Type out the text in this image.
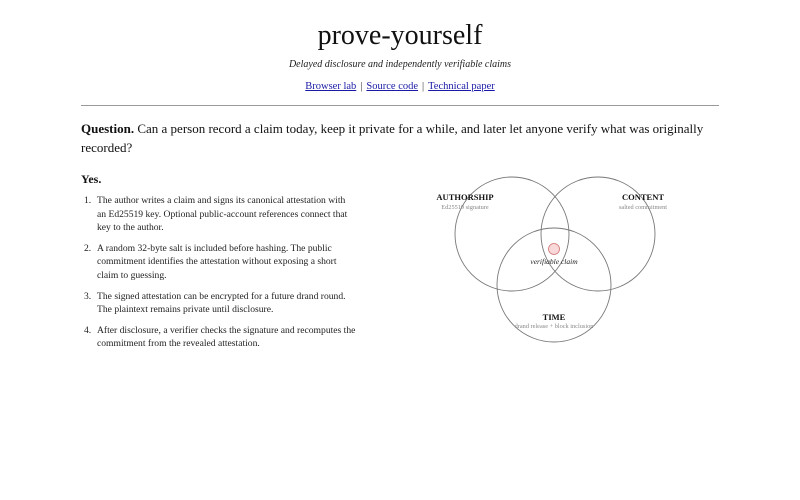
prove-yourself
Delayed disclosure and independently verifiable claims
Browser lab | Source code | Technical paper
Question. Can a person record a claim today, keep it private for a while, and later let anyone verify what was originally recorded?
Yes.
1. The author writes a claim and signs its canonical attestation with an Ed25519 key. Optional public-account references connect that key to the author.
2. A random 32-byte salt is included before hashing. The public commitment identifies the attestation without exposing a short claim to guessing.
3. The signed attestation can be encrypted for a future drand round. The plaintext remains private until disclosure.
4. After disclosure, a verifier checks the signature and recomputes the commitment from the revealed attestation.
AUTHORSHIP
Ed25519 signature
CONTENT
salted commitment
verifiable claim
TIME
drand release + block inclusion
